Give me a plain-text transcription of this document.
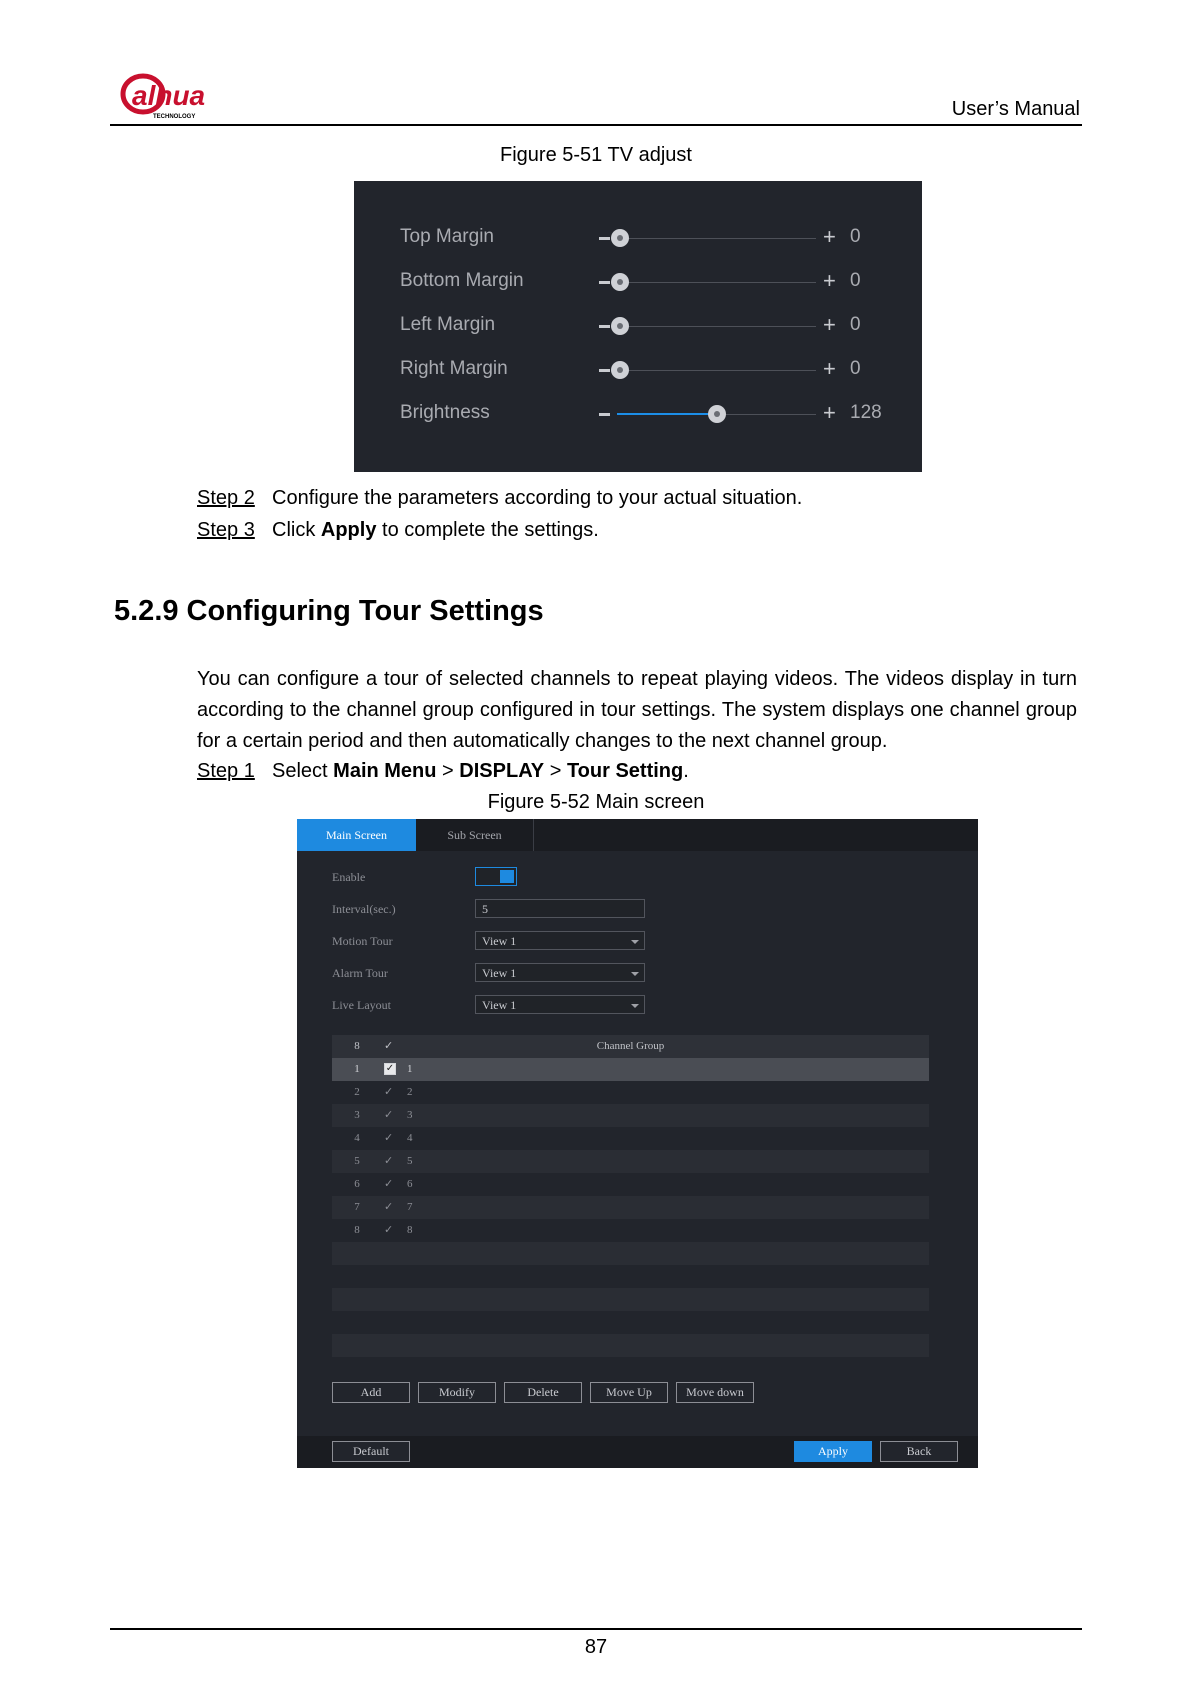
alhua
TECHNOLOGY	User’s Manual
Figure 5-51 TV adjust
Top Margin	+ 0
Bottom Margin	+ 0
Left Margin	+ 0
Right Margin	+ 0
Brightness	+ 128
Step 2 Configure the parameters according to your actual situation.
Step 3 Click Apply to complete the settings.
5.2.9 Configuring Tour Settings
You can configure a tour of selected channels to repeat playing videos. The videos display in turn according to the channel group configured in tour settings. The system displays one channel group for a certain period and then automatically changes to the next channel group.
Step 1 Select Main Menu > DISPLAY > Tour Setting.
Figure 5-52 Main screen
Main Screen	Sub Screen
Enable
Interval(sec.)	5
Motion Tour	View 1
Alarm Tour	View 1
Live Layout	View 1
8 ✓	Channel Group
1	✓ 1
2 ✓ 2
3 ✓ 3
4 ✓ 4
5 ✓ 5
6 ✓ 6
7 ✓ 7
8 ✓ 8
Add	Modify	Delete	Move Up	Move down
Default	Apply	Back
87
